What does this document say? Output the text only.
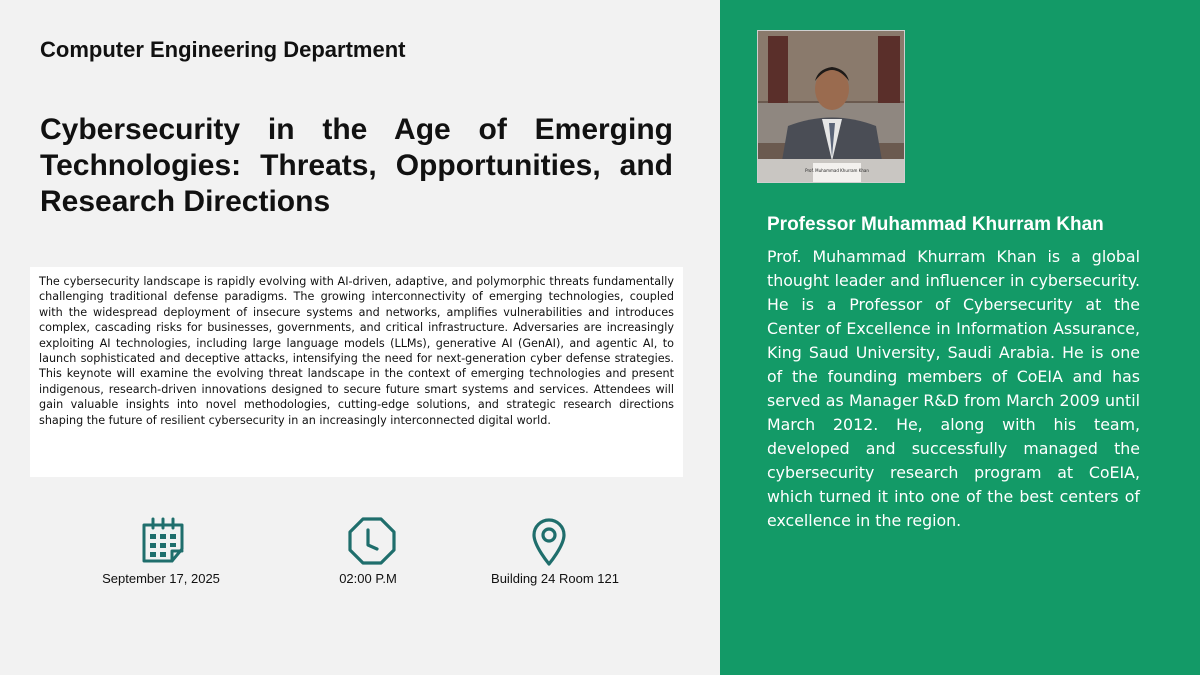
Computer Engineering Department
Cybersecurity in the Age of Emerging Technologies: Threats, Opportunities, and Research Directions

The cybersecurity landscape is rapidly evolving with AI-driven, adaptive, and polymorphic threats fundamentally challenging traditional defense paradigms. The growing interconnectivity of emerging technologies, coupled with the widespread deployment of insecure systems and networks, amplifies vulnerabilities and introduces complex, cascading risks for businesses, governments, and critical infrastructure. Adversaries are increasingly exploiting AI technologies, including large language models (LLMs), generative AI (GenAI), and agentic AI, to launch sophisticated and deceptive attacks, intensifying the need for next-generation cyber defense strategies. This keynote will examine the evolving threat landscape in the context of emerging technologies and present indigenous, research-driven innovations designed to secure future smart systems and services. Attendees will gain valuable insights into novel methodologies, cutting-edge solutions, and strategic research directions shaping the future of resilient cybersecurity in an increasingly interconnected digital world.

September 17, 2025	02:00 P.M	Building 24 Room 121
Prof. Muhammad Khurram Khan
Professor Muhammad Khurram Khan

Prof. Muhammad Khurram Khan is a global thought leader and influencer in cybersecurity. He is a Professor of Cybersecurity at the Center of Excellence in Information Assurance, King Saud University, Saudi Arabia. He is one of the founding members of CoEIA and has served as Manager R&D from March 2009 until March 2012. He, along with his team, developed and successfully managed the cybersecurity research program at CoEIA, which turned it into one of the best centers of excellence in the region.
